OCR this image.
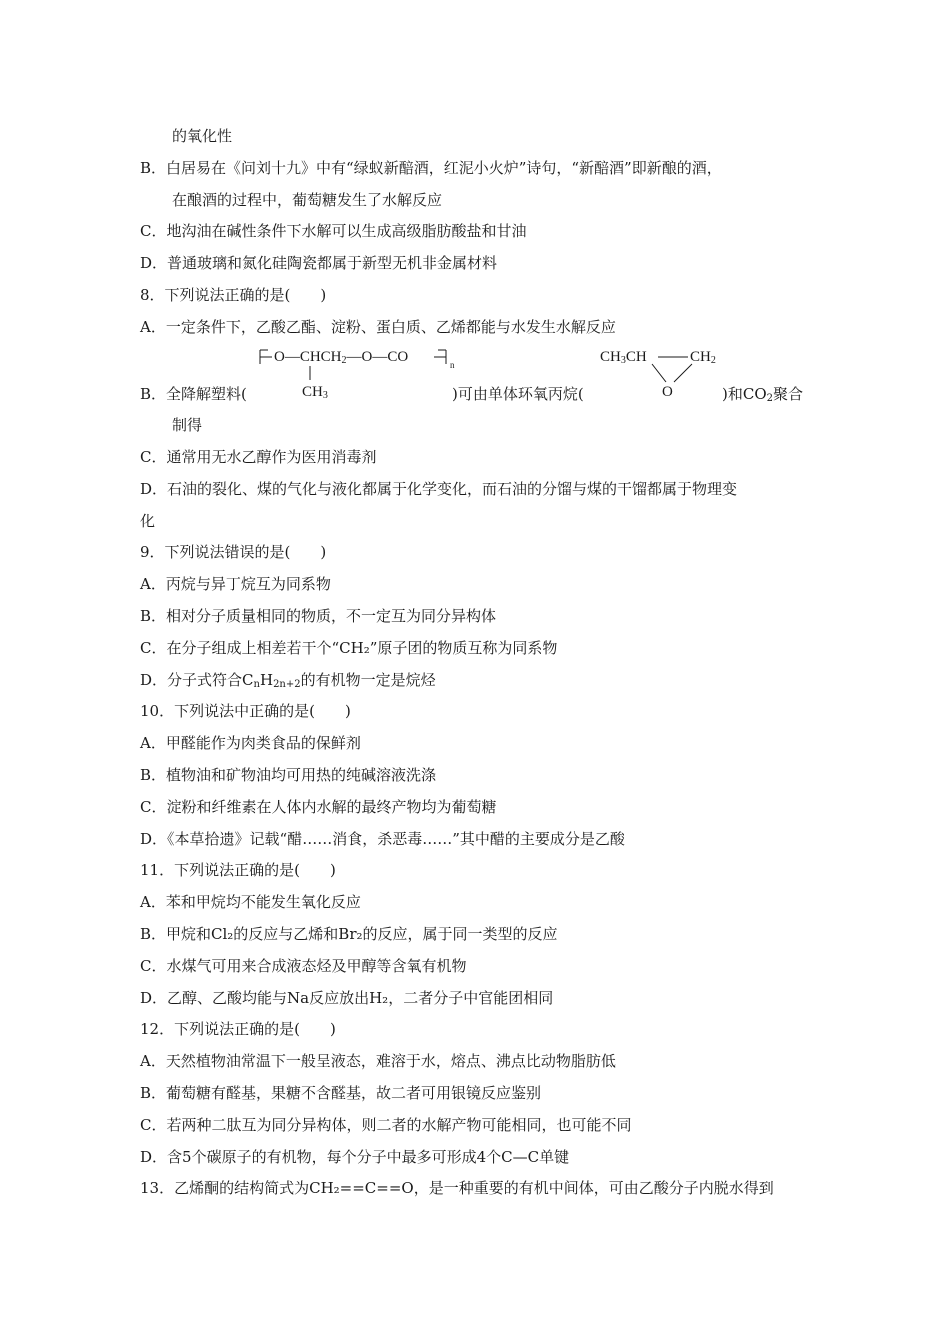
的氧化性
B．白居易在《问刘十九》中有“绿蚁新醅酒，红泥小火炉”诗句，“新醅酒”即新酿的酒，
在酿酒的过程中，葡萄糖发生了水解反应
C．地沟油在碱性条件下水解可以生成高级脂肪酸盐和甘油
D．普通玻璃和氮化硅陶瓷都属于新型无机非金属材料
8．下列说法正确的是(　　)
A．一定条件下，乙酸乙酯、淀粉、蛋白质、乙烯都能与水发生水解反应
$O—CHCH_2—O—CO$	n
$CH_3$
$CH_3CH$	$CH_2$
O
B．全降解塑料(	)可由单体环氧丙烷(	)和$CO_2$聚合
制得
C．通常用无水乙醇作为医用消毒剂
D．石油的裂化、煤的气化与液化都属于化学变化，而石油的分馏与煤的干馏都属于物理变
化
9．下列说法错误的是(　　)
A．丙烷与异丁烷互为同系物
B．相对分子质量相同的物质，不一定互为同分异构体
C．在分子组成上相差若干个“CH₂”原子团的物质互称为同系物
D．分子式符合$C_nH_{2n+2}$的有机物一定是烷烃
10．下列说法中正确的是(　　)
A．甲醛能作为肉类食品的保鲜剂
B．植物油和矿物油均可用热的纯碱溶液洗涤
C．淀粉和纤维素在人体内水解的最终产物均为葡萄糖
D．《本草拾遗》记载“醋……消食，杀恶毒……”其中醋的主要成分是乙酸
11．下列说法正确的是(　　)
A．苯和甲烷均不能发生氧化反应
B．甲烷和Cl₂的反应与乙烯和Br₂的反应，属于同一类型的反应
C．水煤气可用来合成液态烃及甲醇等含氧有机物
D．乙醇、乙酸均能与Na反应放出H₂，二者分子中官能团相同
12．下列说法正确的是(　　)
A．天然植物油常温下一般呈液态，难溶于水，熔点、沸点比动物脂肪低
B．葡萄糖有醛基，果糖不含醛基，故二者可用银镜反应鉴别
C．若两种二肽互为同分异构体，则二者的水解产物可能相同，也可能不同
D．含5个碳原子的有机物，每个分子中最多可形成4个C—C单键
13．乙烯酮的结构简式为CH₂==C==O，是一种重要的有机中间体，可由乙酸分子内脱水得到
